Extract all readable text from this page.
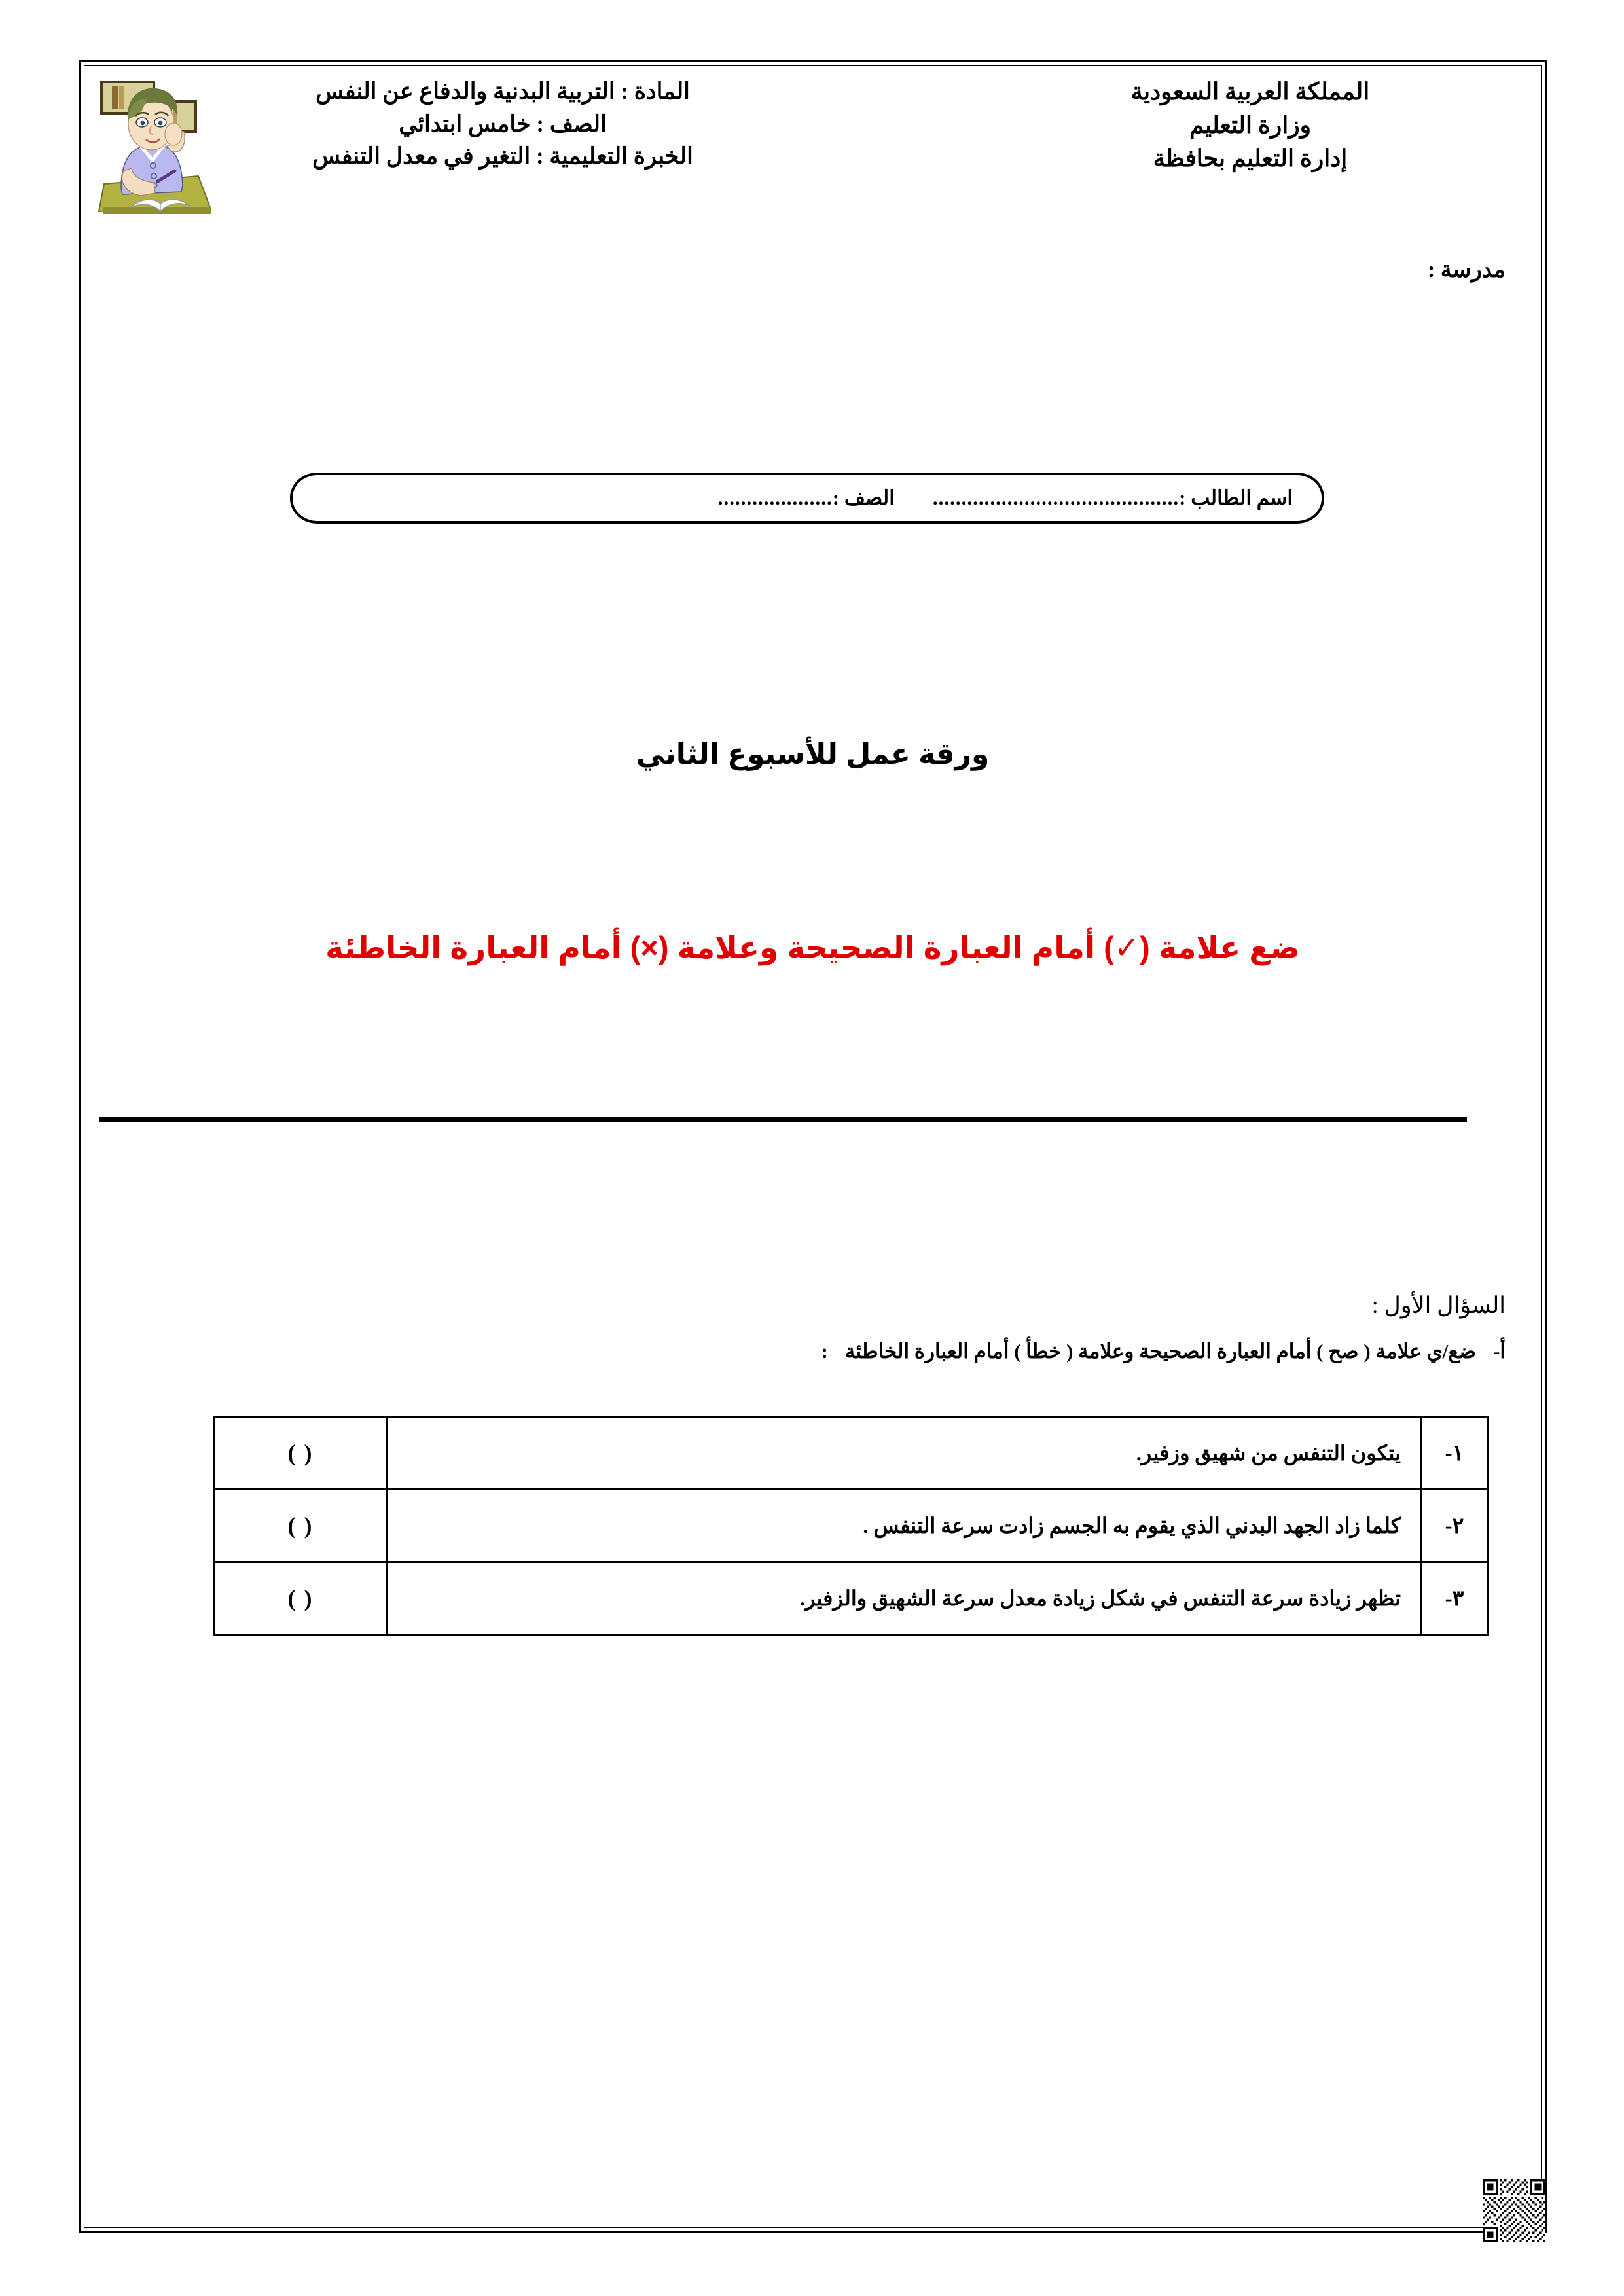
المملكة العربية السعودية
وزارة التعليم
إدارة التعليم بحافظة
المادة : التربية البدنية والدفاع عن النفس
الصف : خامس ابتدائي
الخبرة التعليمية : التغير في معدل التنفس
مدرسة :
اسم الطالب :
...........................................
الصف :
....................
ورقة عمل للأسبوع الثاني
ضع علامة (✓) أمام العبارة الصحيحة وعلامة (×) أمام العبارة الخاطئة
السؤال الأول :
أ-
ضع/ي علامة ( صح ) أمام العبارة الصحيحة وعلامة ( خطأ ) أمام العبارة الخاطئة
:
١-	يتكون التنفس من شهيق وزفير.	( )
٢-	كلما زاد الجهد البدني الذي يقوم به الجسم زادت سرعة التنفس .	( )
٣-	تظهر زيادة سرعة التنفس في شكل زيادة معدل سرعة الشهيق والزفير.	( )
